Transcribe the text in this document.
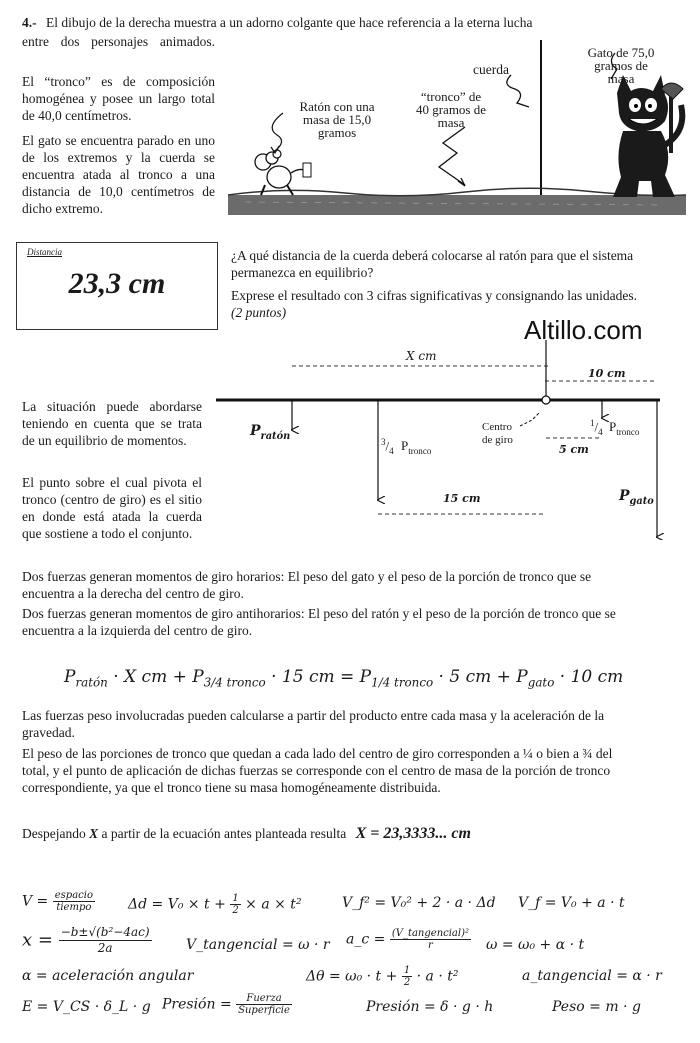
4.- El dibujo de la derecha muestra a un adorno colgante que hace referencia a la eterna lucha
entre dos personajes animados.
El “tronco” es de composición homogénea y posee un largo total de 40,0 centímetros.
El gato se encuentra parado en uno de los extremos y la cuerda se encuentra atada al tronco a una distancia de 10,0 centímetros de dicho extremo.
Gato de 75,0 gramos de masa
cuerda
“tronco” de 40 gramos de masa
Ratón con una masa de 15,0 gramos
Distancia
23,3 cm
¿A qué distancia de la cuerda deberá colocarse al ratón para que el sistema permanezca en equilibrio?
Exprese el resultado con 3 cifras significativas y consignando las unidades. (2 puntos)
Altillo.com
X cm
10 cm
$P_{ratón}$
$^3/_4$ $P_{tronco}$
Centro
de giro
$^1/_4$ $P_{tronco}$
5 cm
15 cm	$P_{gato}$
La situación puede abordarse teniendo en cuenta que se trata de un equilibrio de momentos.
El punto sobre el cual pivota el tronco (centro de giro) es el sitio en donde está atada la cuerda que sostiene a todo el conjunto.
Dos fuerzas generan momentos de giro horarios: El peso del gato y el peso de la porción de tronco que se encuentra a la derecha del centro de giro.
Dos fuerzas generan momentos de giro antihorarios: El peso del ratón y el peso de la porción de tronco que se encuentra a la izquierda del centro de giro.
$P_{ratón} \cdot X$ cm + $P_{3/4 tronco} \cdot 15$ cm = $P_{1/4 tronco} \cdot 5$ cm + $P_{gato} \cdot 10$ cm
Las fuerzas peso involucradas pueden calcularse a partir del producto entre cada masa y la aceleración de la gravedad.
El peso de las porciones de tronco que quedan a cada lado del centro de giro corresponden a ¼ o bien a ¾ del total, y el punto de aplicación de dichas fuerzas se corresponde con el centro de masa de la porción de tronco correspondiente, ya que el tronco tiene su masa homogéneamente distribuida.
Despejando X a partir de la ecuación antes planteada resulta X = 23,3333... cm
$V = \frac{\text{espacio}}{\text{tiempo}}$ $\Delta d = V_0 \times t + \frac{1}{2} \times a \times t^2$	V_f² = V₀² + 2 · a · Δd V_f = V₀ + a · t
$x = \frac{\text{−b±√(b²−4ac)}}{2a}$ V_tangencial = ω · r a_c = $\frac{\text{(V\_tangencial)²}}{r}$ ω = ω₀ + α · t
α = aceleración angular	$\Delta\theta = \omega_0 \cdot t + \frac{1}{2} \cdot a \cdot t^2$	a_tangencial = α · r
E = V_CS · δ_L · g Presión = $\frac{\text{Fuerza}}{\text{Superficie}}$	Presión = δ · g · h	Peso = m · g
